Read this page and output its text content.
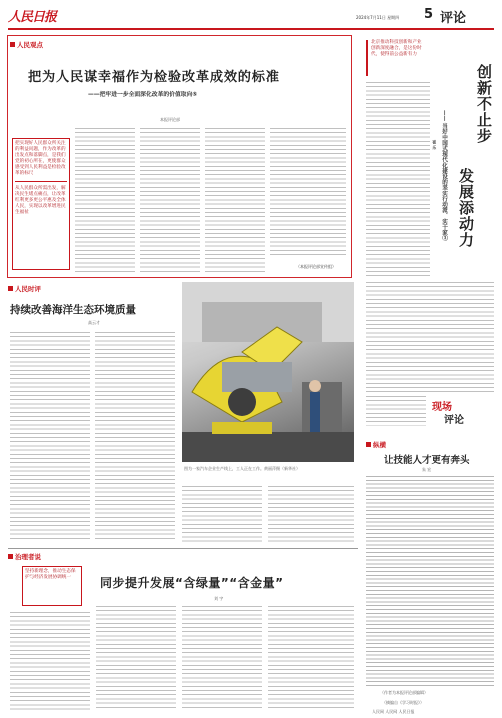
人民日报	2024年7月11日 星期四 5 评论
人民观点
把为人民谋幸福作为检验改革成效的标准
——把牢进一步全面深化改革的价值取向⑤
本报评论部
把实现好人民群众所关注的利益问题，作为改革的出发点和落脚点，是我们党的初心所在，更使群众感受到人民利益是检验改革的标尺
从人民群众所需出发，解决民生堵点痛点，让改革红利更多更公平惠及全体人民，实现以改革增进民生福祉
（本报评论部宣传组）
北京推动科技创新和产业创新深度融合，是这份时代，使得前公益新有力
创新不止步
发展添动力
—— 当好中国式现代化建设的坚实行动派、实干家③
崔 乐
现场
评论
纵横
让技能人才更有奔头
朱 宏
（作者为本报评论部编辑）
人民时评
持续改善海洋生态环境质量
高云才
图为一家汽车企业生产线上，工人正在工作。黄丽萍摄（新华社）
治理者说
坚持新理念，推动生态保护与经济发展协调统一	同步提升发展“含绿量”“含金量”
刘 宇
（摘编自《学习时报》）
人民网 人民网 人民日报
